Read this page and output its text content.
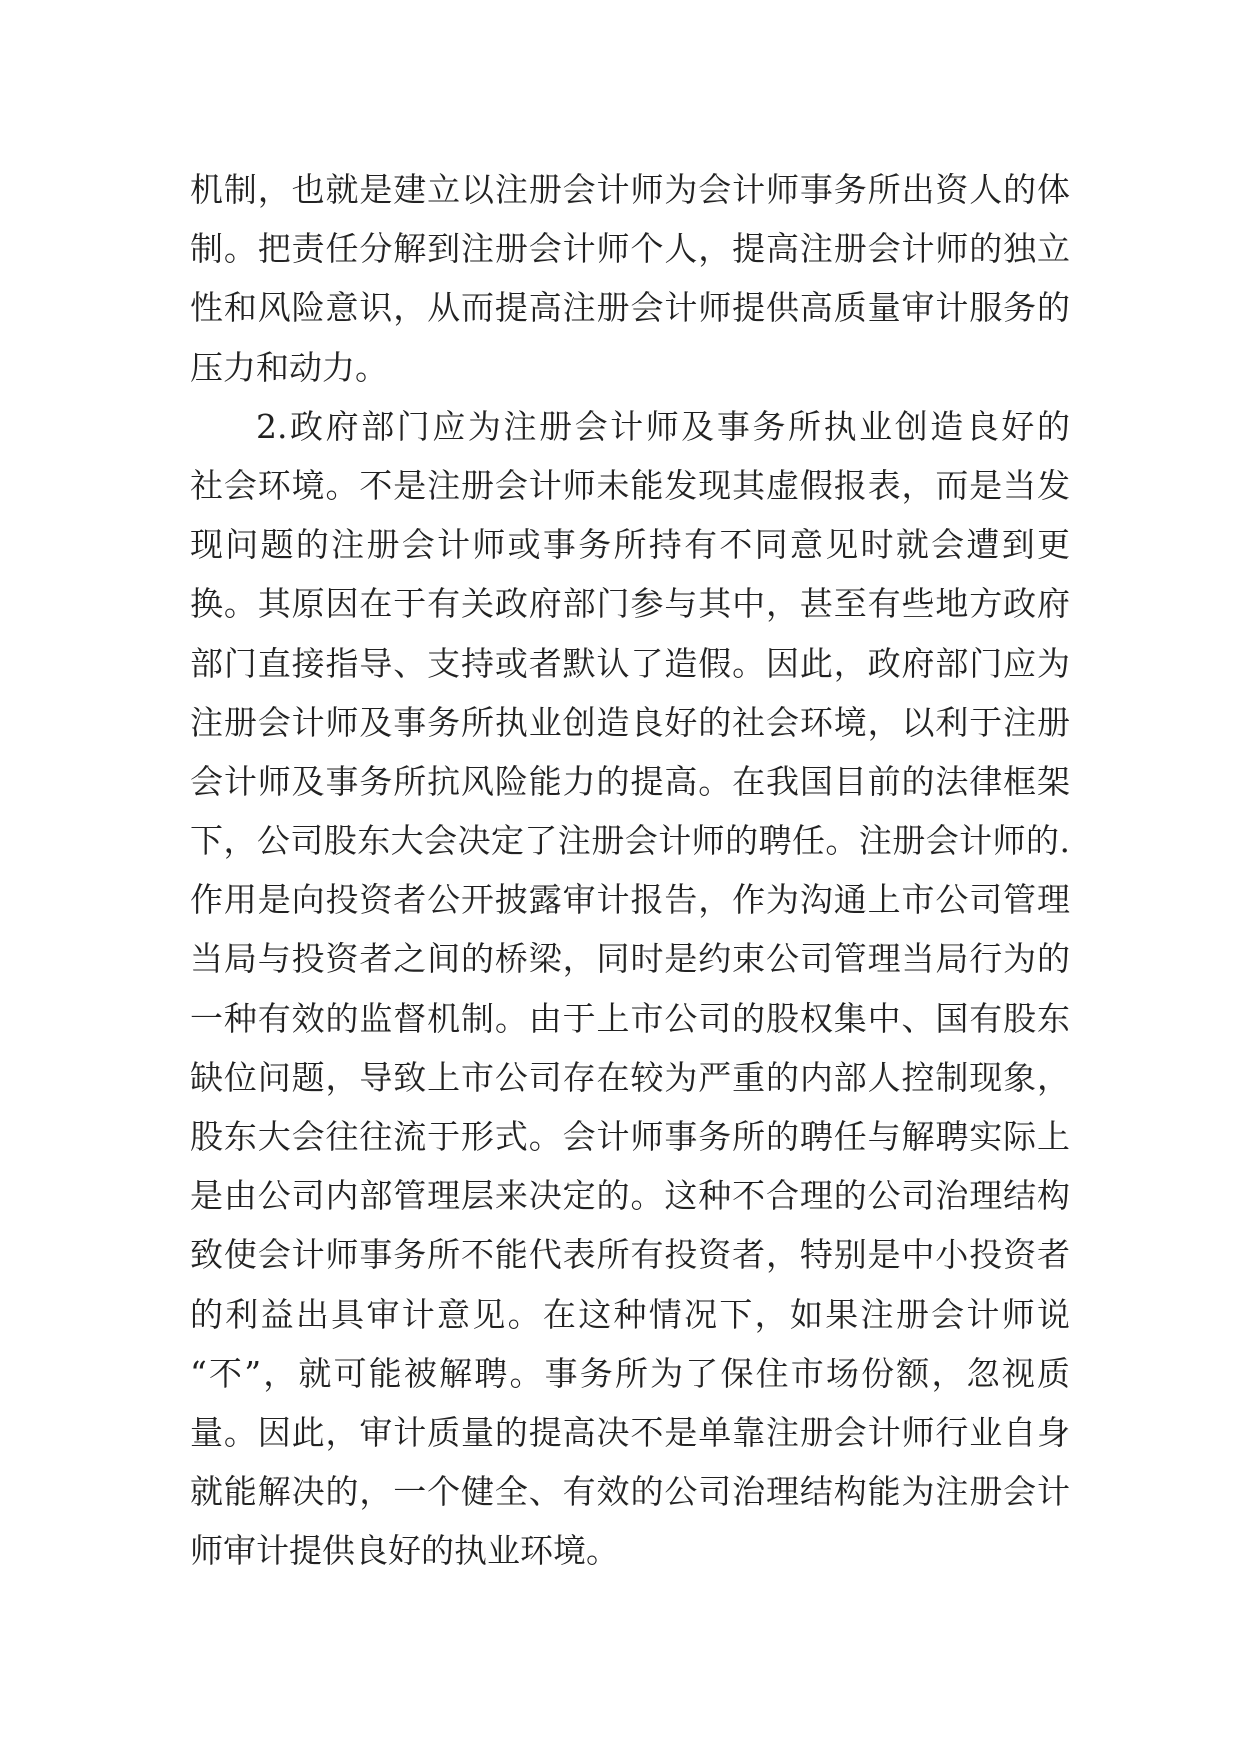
机制，也就是建立以注册会计师为会计师事务所出资人的体
制。把责任分解到注册会计师个人，提高注册会计师的独立
性和风险意识，从而提高注册会计师提供高质量审计服务的
压力和动力。
2.政府部门应为注册会计师及事务所执业创造良好的
社会环境。不是注册会计师未能发现其虚假报表，而是当发
现问题的注册会计师或事务所持有不同意见时就会遭到更
换。其原因在于有关政府部门参与其中，甚至有些地方政府
部门直接指导、支持或者默认了造假。因此，政府部门应为
注册会计师及事务所执业创造良好的社会环境，以利于注册
会计师及事务所抗风险能力的提高。在我国目前的法律框架
下，公司股东大会决定了注册会计师的聘任。注册会计师的.
作用是向投资者公开披露审计报告，作为沟通上市公司管理
当局与投资者之间的桥梁，同时是约束公司管理当局行为的
一种有效的监督机制。由于上市公司的股权集中、国有股东
缺位问题，导致上市公司存在较为严重的内部人控制现象，
股东大会往往流于形式。会计师事务所的聘任与解聘实际上
是由公司内部管理层来决定的。这种不合理的公司治理结构
致使会计师事务所不能代表所有投资者，特别是中小投资者
的利益出具审计意见。在这种情况下，如果注册会计师说
“不”，就可能被解聘。事务所为了保住市场份额，忽视质
量。因此，审计质量的提高决不是单靠注册会计师行业自身
就能解决的，一个健全、有效的公司治理结构能为注册会计
师审计提供良好的执业环境。
